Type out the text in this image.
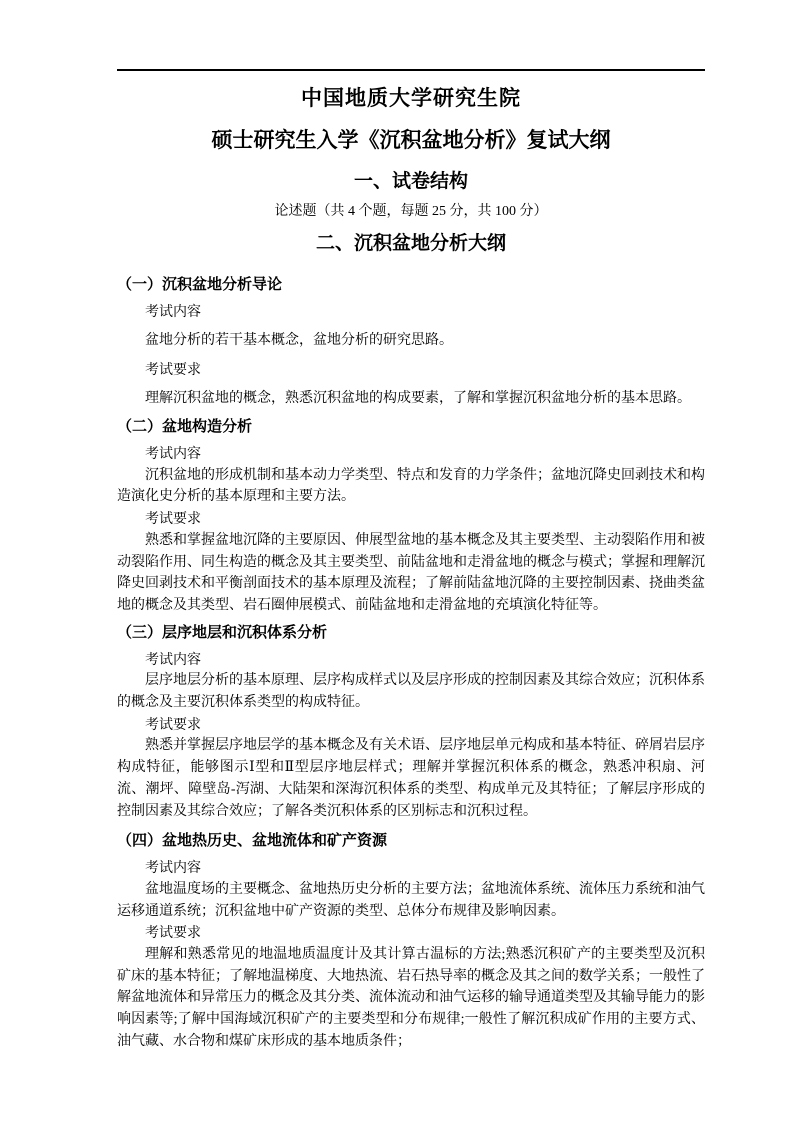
中国地质大学研究生院
硕士研究生入学《沉积盆地分析》复试大纲
一、试卷结构
论述题（共 4 个题，每题 25 分，共 100 分）
二、沉积盆地分析大纲
（一）沉积盆地分析导论

考试内容

盆地分析的若干基本概念，盆地分析的研究思路。

考试要求

理解沉积盆地的概念，熟悉沉积盆地的构成要素，了解和掌握沉积盆地分析的基本思路。

（二）盆地构造分析

考试内容

沉积盆地的形成机制和基本动力学类型、特点和发育的力学条件；盆地沉降史回剥技术和构造演化史分析的基本原理和主要方法。

考试要求

熟悉和掌握盆地沉降的主要原因、伸展型盆地的基本概念及其主要类型、主动裂陷作用和被动裂陷作用、同生构造的概念及其主要类型、前陆盆地和走滑盆地的概念与模式；掌握和理解沉降史回剥技术和平衡剖面技术的基本原理及流程；了解前陆盆地沉降的主要控制因素、挠曲类盆地的概念及其类型、岩石圈伸展模式、前陆盆地和走滑盆地的充填演化特征等。

（三）层序地层和沉积体系分析

考试内容

层序地层分析的基本原理、层序构成样式以及层序形成的控制因素及其综合效应；沉积体系的概念及主要沉积体系类型的构成特征。

考试要求

熟悉并掌握层序地层学的基本概念及有关术语、层序地层单元构成和基本特征、碎屑岩层序构成特征，能够图示Ⅰ型和Ⅱ型层序地层样式；理解并掌握沉积体系的概念，熟悉冲积扇、河流、潮坪、障壁岛-泻湖、大陆架和深海沉积体系的类型、构成单元及其特征；了解层序形成的控制因素及其综合效应；了解各类沉积体系的区别标志和沉积过程。

（四）盆地热历史、盆地流体和矿产资源

考试内容

盆地温度场的主要概念、盆地热历史分析的主要方法；盆地流体系统、流体压力系统和油气运移通道系统；沉积盆地中矿产资源的类型、总体分布规律及影响因素。

考试要求

理解和熟悉常见的地温地质温度计及其计算古温标的方法;熟悉沉积矿产的主要类型及沉积矿床的基本特征；了解地温梯度、大地热流、岩石热导率的概念及其之间的数学关系；一般性了解盆地流体和异常压力的概念及其分类、流体流动和油气运移的输导通道类型及其输导能力的影响因素等;了解中国海域沉积矿产的主要类型和分布规律;一般性了解沉积成矿作用的主要方式、油气藏、水合物和煤矿床形成的基本地质条件；
